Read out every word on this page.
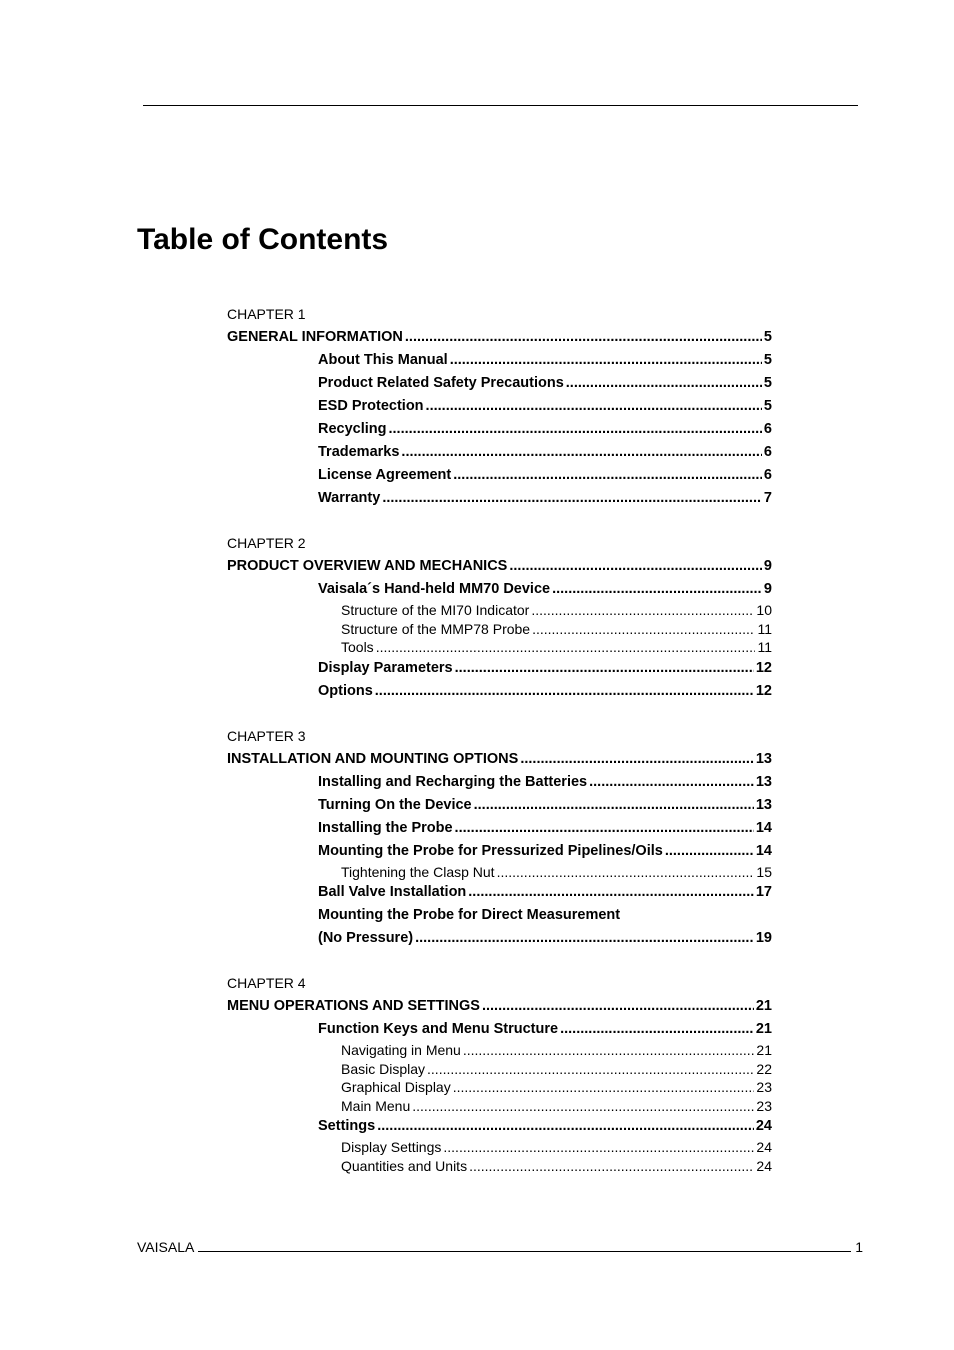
Table of Contents
CHAPTER 1
GENERAL INFORMATION .....	5
About This Manual .....	5
Product Related Safety Precautions .....	5
ESD Protection .....	5
Recycling .....	6
Trademarks .....	6
License Agreement .....	6
Warranty .....	7
CHAPTER 2
PRODUCT OVERVIEW AND MECHANICS .....	9
Vaisala´s Hand-held MM70 Device .....	9
Structure of the MI70 Indicator .....	10
Structure of the MMP78 Probe .....	11
Tools .....	11
Display Parameters .....	12
Options .....	12
CHAPTER 3
INSTALLATION AND MOUNTING OPTIONS .....	13
Installing and Recharging the Batteries .....	13
Turning On the Device .....	13
Installing the Probe .....	14
Mounting the Probe for Pressurized Pipelines/Oils .....	14
Tightening the Clasp Nut .....	15
Ball Valve Installation .....	17
Mounting the Probe for Direct Measurement
(No Pressure) .....	19
CHAPTER 4
MENU OPERATIONS AND SETTINGS .....	21
Function Keys and Menu Structure .....	21
Navigating in Menu .....	21
Basic Display .....	22
Graphical Display .....	23
Main Menu .....	23
Settings .....	24
Display Settings .....	24
Quantities and Units .....	24
VAISALA	1
